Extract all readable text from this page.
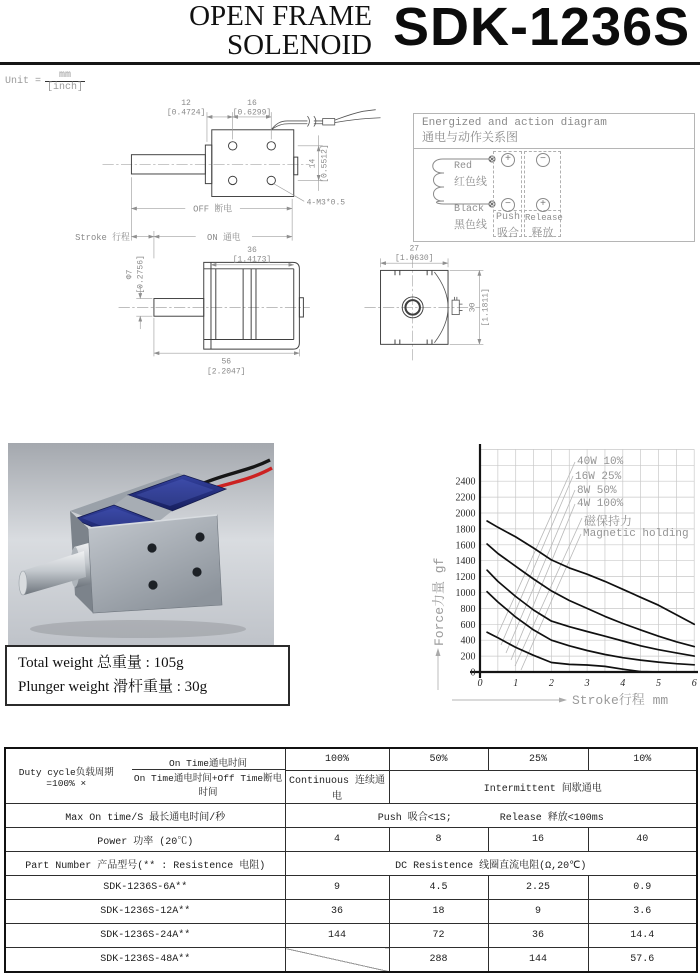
OPEN FRAME
SOLENOID SDK-1236S
Unit = $\frac{mm}{\text{[inch]}}$
12
[0.4724]
16
[0.6299]
14 [0.5512]
4-M3*0.5
OFF 断电
Stroke 行程	ON 通电
36
[1.4173]
56
[2.2047]
Φ7 [0.2756]
27
[1.0630]
30 [1.1811]
Energized and action diagram
通电与动作关系图
Red
红色线
Black
黑色线
+	−
−	+
Push
吸合
Release
释放
Total weight 总重量 : 105g
Plunger weight 滑杆重量 : 30g
0
200
400
600
800
1000
1200
1400
1600
1800
2000
2200
2400
0	1	2	3	4	5	6
Force力量 gf
Stroke行程 mm
40W 10%
16W 25%
8W 50%
4W 100%
磁保持力
Magnetic holding
Duty cycle负载周期$=100\% \times \frac{\text{On Time通电时间}}{\text{On Time通电时间+Off Time断电时间}}$	100%	50%	25%	10%
	Continuous 连续通电	Intermittent 间歇通电		
Max On time/S 最长通电时间/秒	Push 吸合<1S;        Release 释放<100ms			
Power 功率 (20℃)	4	8	16	40
Part Number 产品型号(** : Resistence 电阻)	DC Resistence 线圈直流电阻(Ω,20℃)			
SDK-1236S-6A**	9	4.5	2.25	0.9
SDK-1236S-12A**	36	18	9	3.6
SDK-1236S-24A**	144	72	36	14.4
SDK-1236S-48A**		288	144	57.6
